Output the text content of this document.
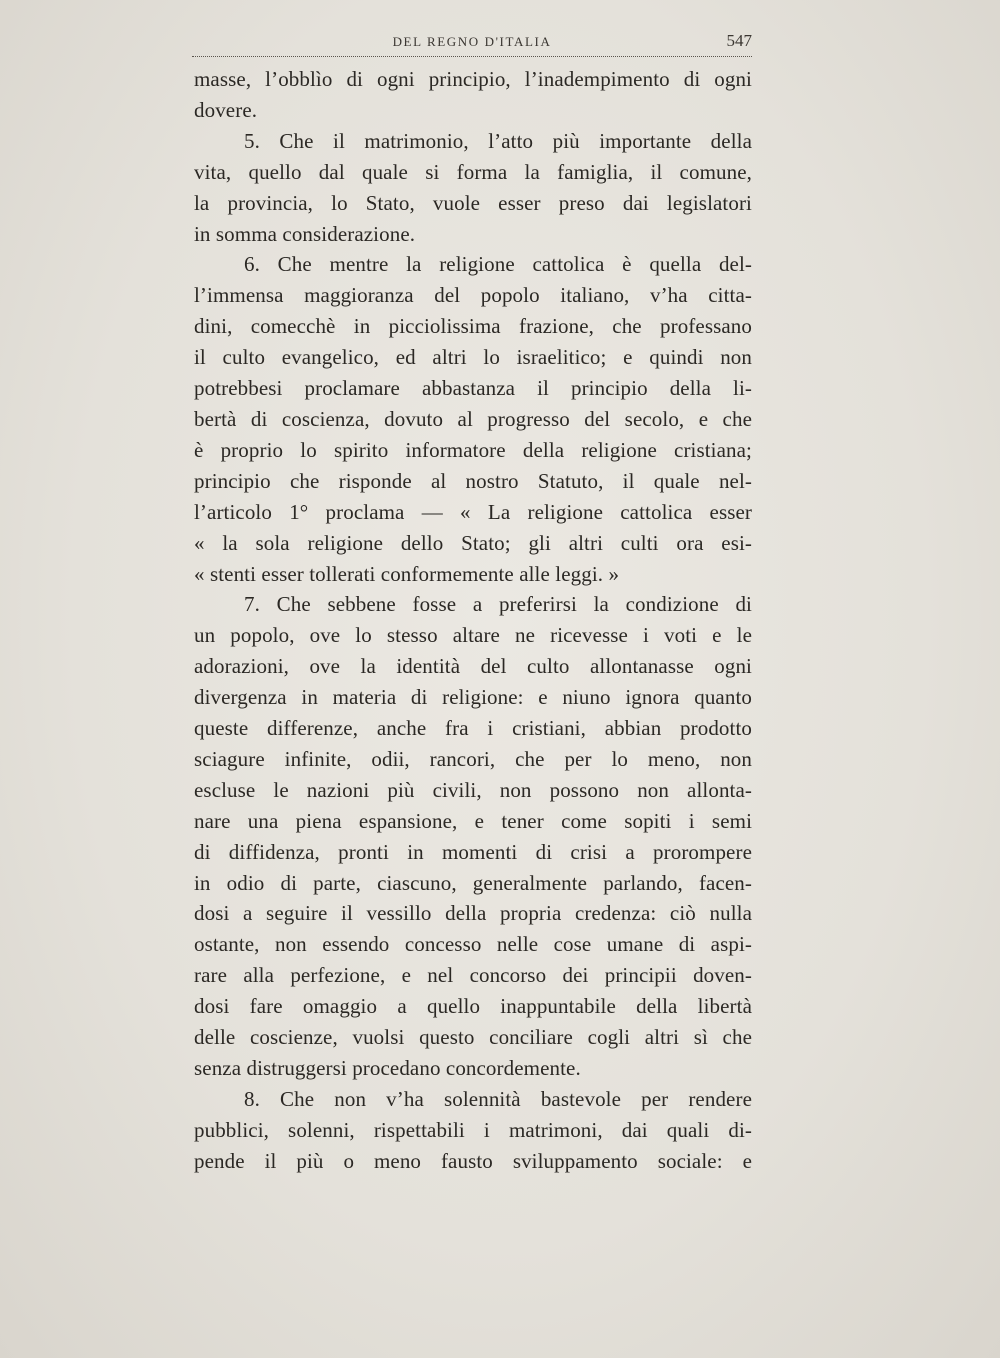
DEL REGNO D'ITALIA	547
masse, l’obblìo di ogni principio, l’inadempimento di ogni
dovere.
5. Che il matrimonio, l’atto più importante della
vita, quello dal quale si forma la famiglia, il comune,
la provincia, lo Stato, vuole esser preso dai legislatori
in somma considerazione.
6. Che mentre la religione cattolica è quella del-
l’immensa maggioranza del popolo italiano, v’ha citta-
dini, comecchè in picciolissima frazione, che professano
il culto evangelico, ed altri lo israelitico; e quindi non
potrebbesi proclamare abbastanza il principio della li-
bertà di coscienza, dovuto al progresso del secolo, e che
è proprio lo spirito informatore della religione cristiana;
principio che risponde al nostro Statuto, il quale nel-
l’articolo 1° proclama — « La religione cattolica esser
« la sola religione dello Stato; gli altri culti ora esi-
« stenti esser tollerati conformemente alle leggi. »
7. Che sebbene fosse a preferirsi la condizione di
un popolo, ove lo stesso altare ne ricevesse i voti e le
adorazioni, ove la identità del culto allontanasse ogni
divergenza in materia di religione: e niuno ignora quanto
queste differenze, anche fra i cristiani, abbian prodotto
sciagure infinite, odii, rancori, che per lo meno, non
escluse le nazioni più civili, non possono non allonta-
nare una piena espansione, e tener come sopiti i semi
di diffidenza, pronti in momenti di crisi a prorompere
in odio di parte, ciascuno, generalmente parlando, facen-
dosi a seguire il vessillo della propria credenza: ciò nulla
ostante, non essendo concesso nelle cose umane di aspi-
rare alla perfezione, e nel concorso dei principii doven-
dosi fare omaggio a quello inappuntabile della libertà
delle coscienze, vuolsi questo conciliare cogli altri sì che
senza distruggersi procedano concordemente.
8. Che non v’ha solennità bastevole per rendere
pubblici, solenni, rispettabili i matrimoni, dai quali di-
pende il più o meno fausto sviluppamento sociale: e
